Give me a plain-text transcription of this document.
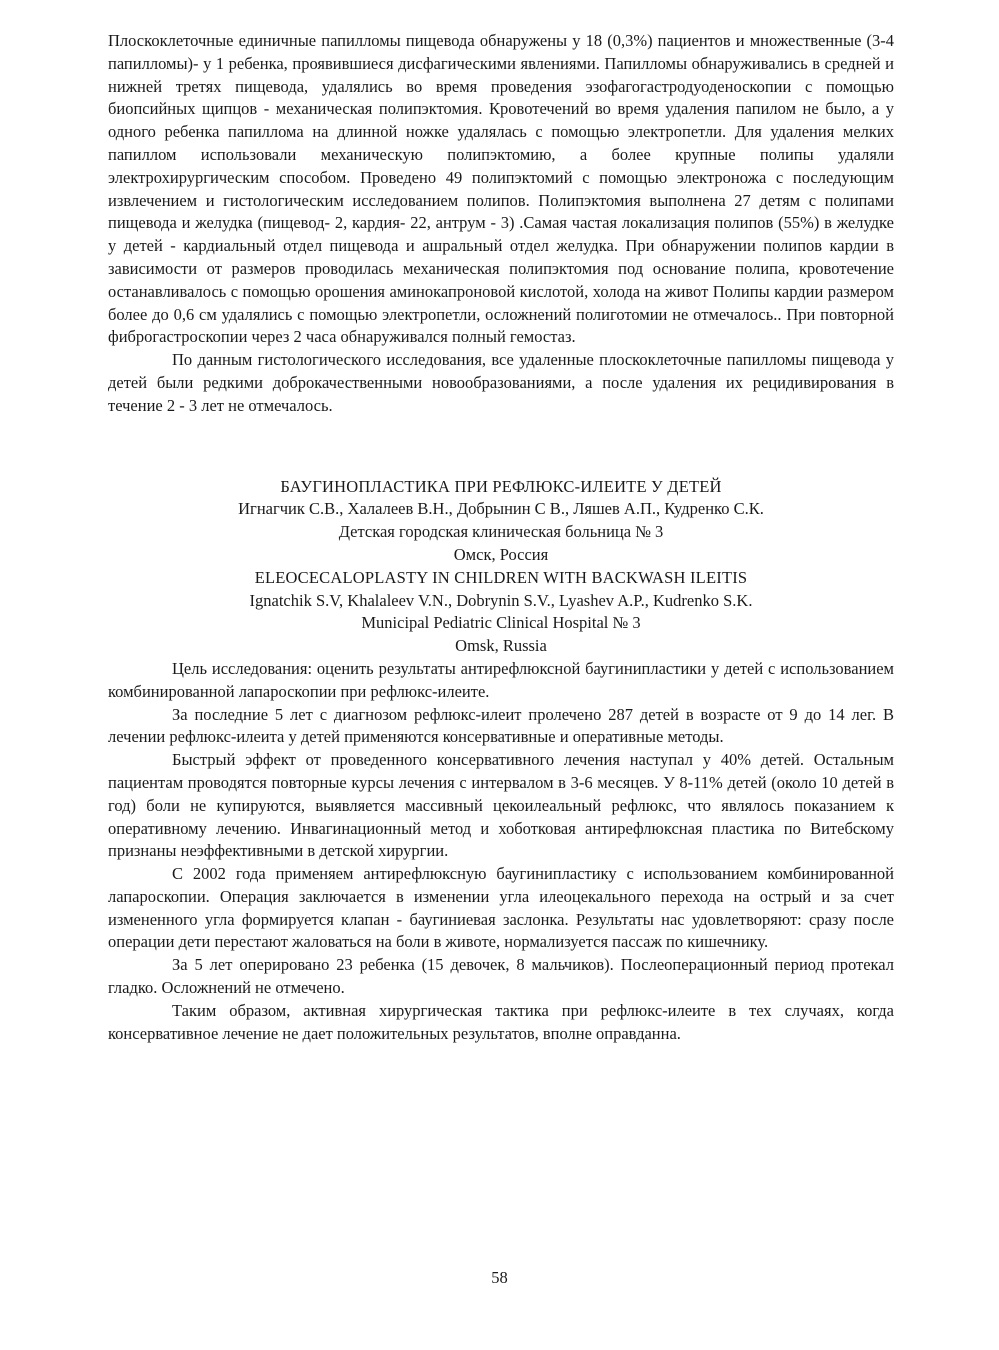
Плоскоклеточные единичные папилломы пищевода обнаружены у 18 (0,3%) пациентов и множественные (3-4 папилломы)- у 1 ребенка, проявившиеся дисфагическими явлениями. Папилломы обнаруживались в средней и нижней третях пищевода, удалялись во время проведения эзофагогастродуоденоскопии с помощью биопсийных щипцов - механическая полипэктомия. Кровотечений во время удаления папилом не было, а у одного ребенка папиллома на длинной ножке удалялась с помощью электропетли. Для удаления мелких папиллом использовали механическую полипэктомию, а более крупные полипы удаляли электрохирургическим способом. Проведено 49 полипэктомий с помощью электроножа с последующим извлечением и гистологическим исследованием полипов. Полипэктомия выполнена 27 детям с полипами пищевода и желудка (пищевод- 2, кардия- 22, антрум - 3) .Самая частая локализация полипов (55%) в желудке у детей - кардиальный отдел пищевода и ашральный отдел желудка. При обнаружении полипов кардии в зависимости от размеров проводилась механическая полипэктомия под основание полипа, кровотечение останавливалось с помощью орошения аминокапроновой кислотой, холода на живот Полипы кардии размером более до 0,6 см удалялись с помощью электропетли, осложнений полиготомии не отмечалось.. При повторной фиброгастроскопии через 2 часа обнаруживался полный гемостаз.

По данным гистологического исследования, все удаленные плоскоклеточные папилломы пищевода у детей были редкими доброкачественными новообразованиями, а после удаления их рецидивирования в течение 2 - 3 лет не отмечалось.

БАУГИНОПЛАСТИКА ПРИ РЕФЛЮКС-ИЛЕИТЕ У ДЕТЕЙ

Игнагчик С.В., Халалеев В.Н., Добрынин С В., Ляшев А.П., Кудренко С.К.

Детская городская клиническая больница № 3

Омск, Россия

ELEOCECALOPLASTY IN CHILDREN WITH BACKWASH ILEITIS

Ignatchik S.V, Khalaleev V.N., Dobrynin S.V., Lyashev A.P., Kudrenko S.K.

Municipal Pediatric Clinical Hospital № 3

Omsk, Russia

Цель исследования: оценить результаты антирефлюксной баугинипластики у детей с использованием комбинированной лапароскопии при рефлюкс-илеите.

За последние 5 лет с диагнозом рефлюкс-илеит пролечено 287 детей в возрасте от 9 до 14 лег. В лечении рефлюкс-илеита у детей применяются консервативные и оперативные методы.

Быстрый эффект от проведенного консервативного лечения наступал у 40% детей. Остальным пациентам проводятся повторные курсы лечения с интервалом в 3-6 месяцев. У 8-11% детей (около 10 детей в год) боли не купируются, выявляется массивный цекоилеальный рефлюкс, что являлось показанием к оперативному лечению. Инвагинационный метод и хоботковая антирефлюксная пластика по Витебскому признаны неэффективными в детской хирургии.

С 2002 года применяем антирефлюксную баугинипластику с использованием комбинированной лапароскопии. Операция заключается в изменении угла илеоцекального перехода на острый и за счет измененного угла формируется клапан - баугиниевая заслонка. Результаты нас удовлетворяют: сразу после операции дети перестают жаловаться на боли в животе, нормализуется пассаж по кишечнику.

За 5 лет оперировано 23 ребенка (15 девочек, 8 мальчиков). Послеоперационный период протекал гладко. Осложнений не отмечено.

Таким образом, активная хирургическая тактика при рефлюкс-илеите в тех случаях, когда консервативное лечение не дает положительных результатов, вполне оправданна.

58
